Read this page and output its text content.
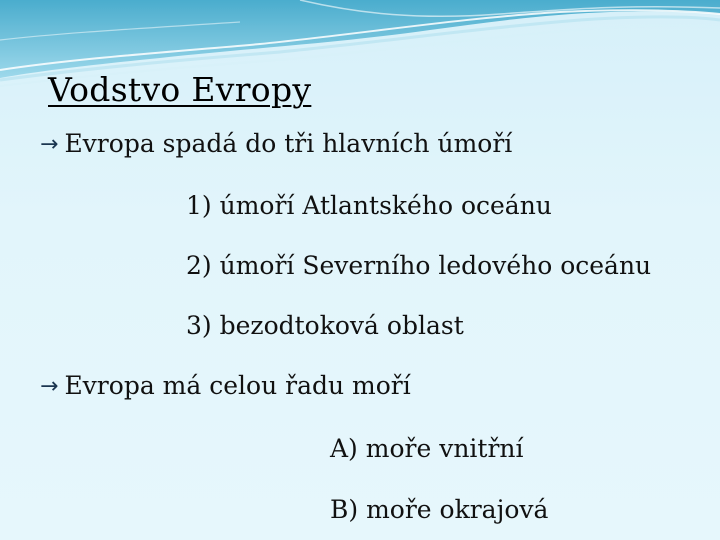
Vodstvo Evropy
→ Evropa spadá do tři hlavních úmoří
1) úmoří Atlantského oceánu
2) úmoří Severního ledového oceánu
3) bezodtoková oblast
→ Evropa má celou řadu moří
A) moře vnitřní
B) moře okrajová
